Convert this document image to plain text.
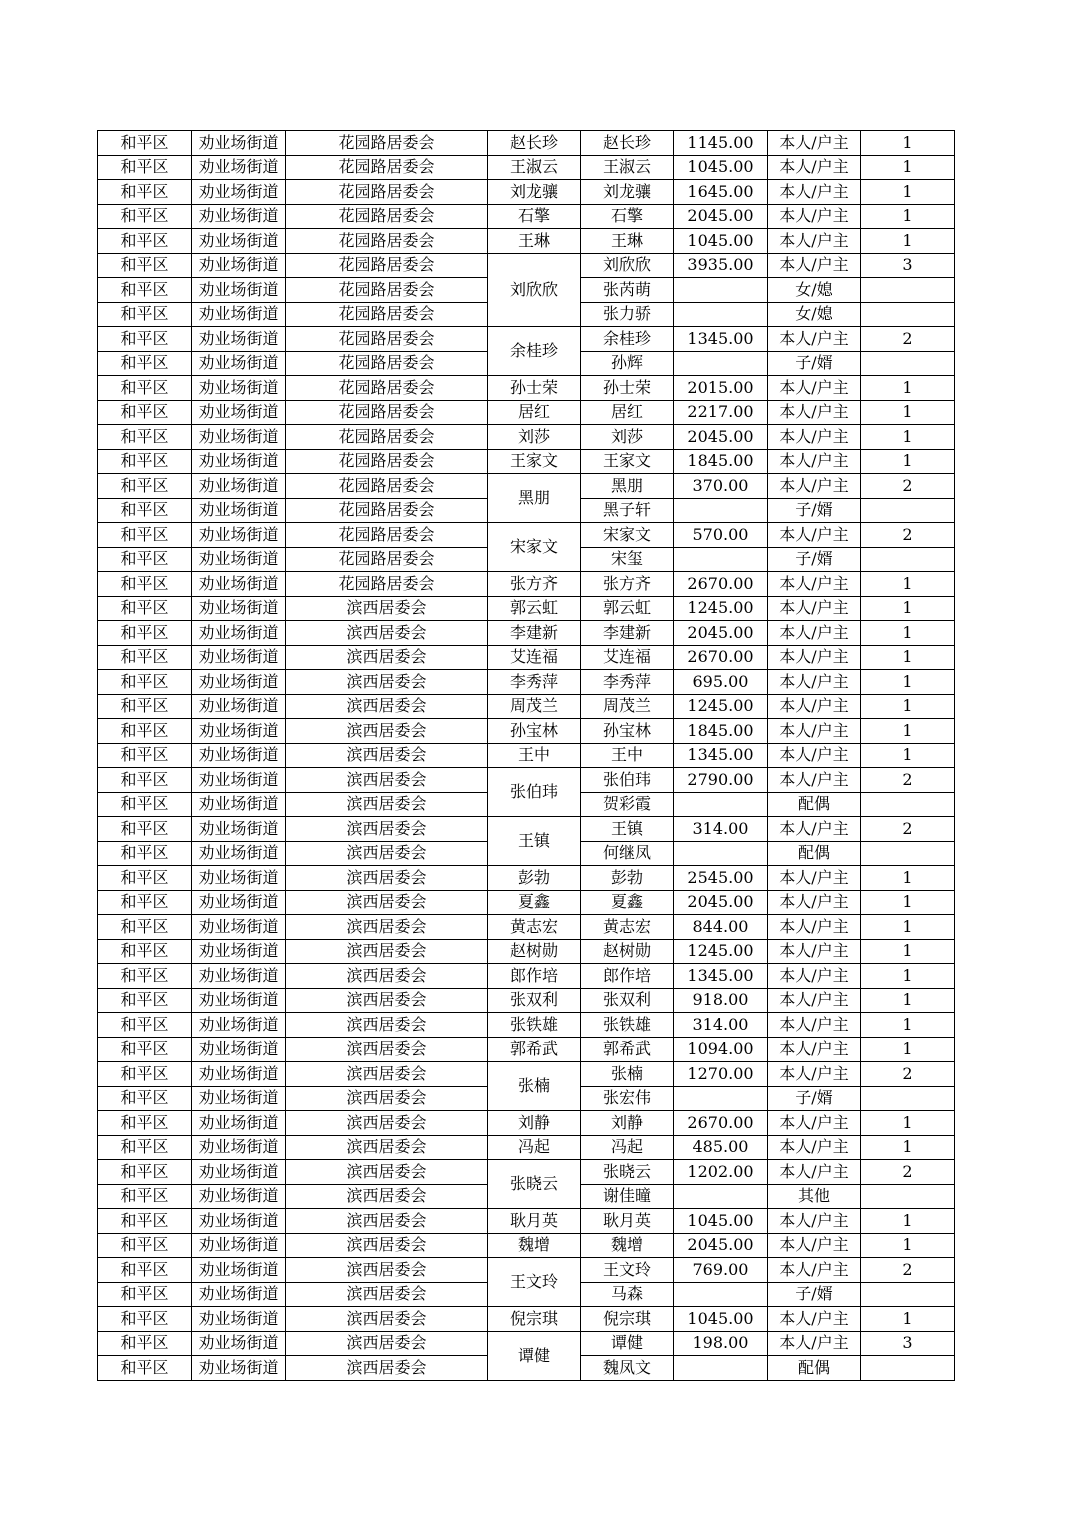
和平区	劝业场街道	花园路居委会	赵长珍	赵长珍	1145.00	本人/户主	1
和平区	劝业场街道	花园路居委会	王淑云	王淑云	1045.00	本人/户主	1
和平区	劝业场街道	花园路居委会	刘龙骧	刘龙骧	1645.00	本人/户主	1
和平区	劝业场街道	花园路居委会	石擎	石擎	2045.00	本人/户主	1
和平区	劝业场街道	花园路居委会	王琳	王琳	1045.00	本人/户主	1
和平区	劝业场街道	花园路居委会	刘欣欣	刘欣欣	3935.00	本人/户主	3
和平区	劝业场街道	花园路居委会		张芮萌		女/媳	
和平区	劝业场街道	花园路居委会		张力骄		女/媳	
和平区	劝业场街道	花园路居委会	余桂珍	余桂珍	1345.00	本人/户主	2
和平区	劝业场街道	花园路居委会		孙辉		子/婿	
和平区	劝业场街道	花园路居委会	孙士荣	孙士荣	2015.00	本人/户主	1
和平区	劝业场街道	花园路居委会	居红	居红	2217.00	本人/户主	1
和平区	劝业场街道	花园路居委会	刘莎	刘莎	2045.00	本人/户主	1
和平区	劝业场街道	花园路居委会	王家文	王家文	1845.00	本人/户主	1
和平区	劝业场街道	花园路居委会	黑朋	黑朋	370.00	本人/户主	2
和平区	劝业场街道	花园路居委会		黑子轩		子/婿	
和平区	劝业场街道	花园路居委会	宋家文	宋家文	570.00	本人/户主	2
和平区	劝业场街道	花园路居委会		宋玺		子/婿	
和平区	劝业场街道	花园路居委会	张方齐	张方齐	2670.00	本人/户主	1
和平区	劝业场街道	滨西居委会	郭云虹	郭云虹	1245.00	本人/户主	1
和平区	劝业场街道	滨西居委会	李建新	李建新	2045.00	本人/户主	1
和平区	劝业场街道	滨西居委会	艾连福	艾连福	2670.00	本人/户主	1
和平区	劝业场街道	滨西居委会	李秀萍	李秀萍	695.00	本人/户主	1
和平区	劝业场街道	滨西居委会	周茂兰	周茂兰	1245.00	本人/户主	1
和平区	劝业场街道	滨西居委会	孙宝林	孙宝林	1845.00	本人/户主	1
和平区	劝业场街道	滨西居委会	王中	王中	1345.00	本人/户主	1
和平区	劝业场街道	滨西居委会	张伯玮	张伯玮	2790.00	本人/户主	2
和平区	劝业场街道	滨西居委会		贺彩霞		配偶	
和平区	劝业场街道	滨西居委会	王镇	王镇	314.00	本人/户主	2
和平区	劝业场街道	滨西居委会		何继凤		配偶	
和平区	劝业场街道	滨西居委会	彭勃	彭勃	2545.00	本人/户主	1
和平区	劝业场街道	滨西居委会	夏鑫	夏鑫	2045.00	本人/户主	1
和平区	劝业场街道	滨西居委会	黄志宏	黄志宏	844.00	本人/户主	1
和平区	劝业场街道	滨西居委会	赵树勋	赵树勋	1245.00	本人/户主	1
和平区	劝业场街道	滨西居委会	郎作培	郎作培	1345.00	本人/户主	1
和平区	劝业场街道	滨西居委会	张双利	张双利	918.00	本人/户主	1
和平区	劝业场街道	滨西居委会	张铁雄	张铁雄	314.00	本人/户主	1
和平区	劝业场街道	滨西居委会	郭希武	郭希武	1094.00	本人/户主	1
和平区	劝业场街道	滨西居委会	张楠	张楠	1270.00	本人/户主	2
和平区	劝业场街道	滨西居委会		张宏伟		子/婿	
和平区	劝业场街道	滨西居委会	刘静	刘静	2670.00	本人/户主	1
和平区	劝业场街道	滨西居委会	冯起	冯起	485.00	本人/户主	1
和平区	劝业场街道	滨西居委会	张晓云	张晓云	1202.00	本人/户主	2
和平区	劝业场街道	滨西居委会		谢佳曈		其他	
和平区	劝业场街道	滨西居委会	耿月英	耿月英	1045.00	本人/户主	1
和平区	劝业场街道	滨西居委会	魏增	魏增	2045.00	本人/户主	1
和平区	劝业场街道	滨西居委会	王文玲	王文玲	769.00	本人/户主	2
和平区	劝业场街道	滨西居委会		马森		子/婿	
和平区	劝业场街道	滨西居委会	倪宗琪	倪宗琪	1045.00	本人/户主	1
和平区	劝业场街道	滨西居委会	谭健	谭健	198.00	本人/户主	3
和平区	劝业场街道	滨西居委会		魏凤文		配偶	
